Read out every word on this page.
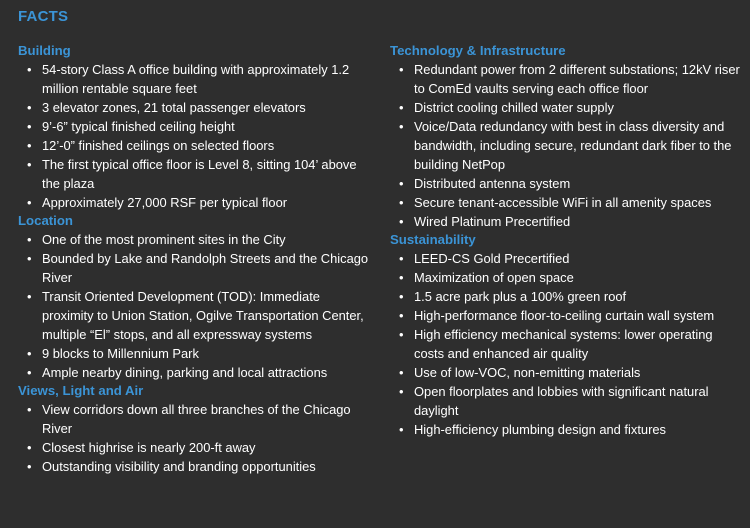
FACTS
Building
• 54-story Class A office building with approximately 1.2 million rentable square feet
• 3 elevator zones, 21 total passenger elevators
• 9’-6” typical finished ceiling height
• 12’-0” finished ceilings on selected floors
• The first typical office floor is Level 8, sitting 104’ above the plaza
• Approximately 27,000 RSF per typical floor
Location
• One of the most prominent sites in the City
• Bounded by Lake and Randolph Streets and the Chicago River
• Transit Oriented Development (TOD): Immediate proximity to Union Station, Ogilve Transportation Center, multiple “El” stops, and all expressway systems
• 9 blocks to Millennium Park
• Ample nearby dining, parking and local attractions
Views, Light and Air
• View corridors down all three branches of the Chicago River
• Closest highrise is nearly 200-ft away
• Outstanding visibility and branding opportunities
Technology & Infrastructure
• Redundant power from 2 different substations; 12kV riser to ComEd vaults serving each office floor
• District cooling chilled water supply
• Voice/Data redundancy with best in class diversity and bandwidth, including secure, redundant dark fiber to the building NetPop
• Distributed antenna system
• Secure tenant-accessible WiFi in all amenity spaces
• Wired Platinum Precertified
Sustainability
• LEED-CS Gold Precertified
• Maximization of open space
• 1.5 acre park plus a 100% green roof
• High-performance floor-to-ceiling curtain wall system
• High efficiency mechanical systems: lower operating costs and enhanced air quality
• Use of low-VOC, non-emitting materials
• Open floorplates and lobbies with significant natural daylight
• High-efficiency plumbing design and fixtures
